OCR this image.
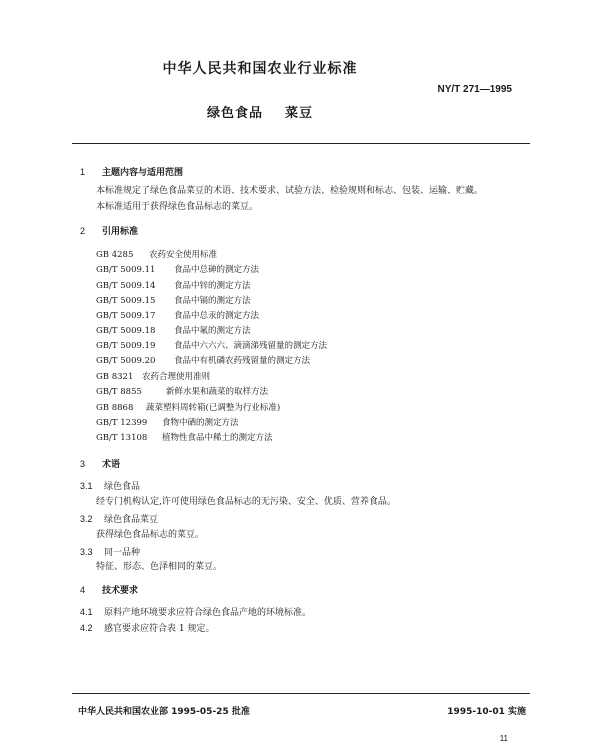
中华人民共和国农业行业标准
NY/T 271—1995
绿色食品 菜豆
1 主题内容与适用范围
本标准规定了绿色食品菜豆的术语、技术要求、试验方法、检验规则和标志、包装、运输、贮藏。
本标准适用于获得绿色食品标志的菜豆。
2 引用标准
GB 4285 农药安全使用标准
GB/T 5009.11 食品中总砷的测定方法
GB/T 5009.14 食品中锌的测定方法
GB/T 5009.15 食品中镉的测定方法
GB/T 5009.17 食品中总汞的测定方法
GB/T 5009.18 食品中氟的测定方法
GB/T 5009.19 食品中六六六、滴滴涕残留量的测定方法
GB/T 5009.20 食品中有机磷农药残留量的测定方法
GB 8321 农药合理使用准则
GB/T 8855	新鲜水果和蔬菜的取样方法
GB 8868 蔬菜塑料周转箱(已调整为行业标准)
GB/T 12399 食物中硒的测定方法
GB/T 13108 植物性食品中稀土的测定方法
3 术语
3.1 绿色食品
经专门机构认定,许可使用绿色食品标志的无污染、安全、优质、营养食品。
3.2 绿色食品菜豆
获得绿色食品标志的菜豆。
3.3 同一品种
特征、形态、色泽相同的菜豆。
4 技术要求
4.1 原料产地环境要求应符合绿色食品产地的环境标准。
4.2 感官要求应符合表 1 规定。
中华人民共和国农业部 1995-05-25 批准	1995-10-01 实施
11
